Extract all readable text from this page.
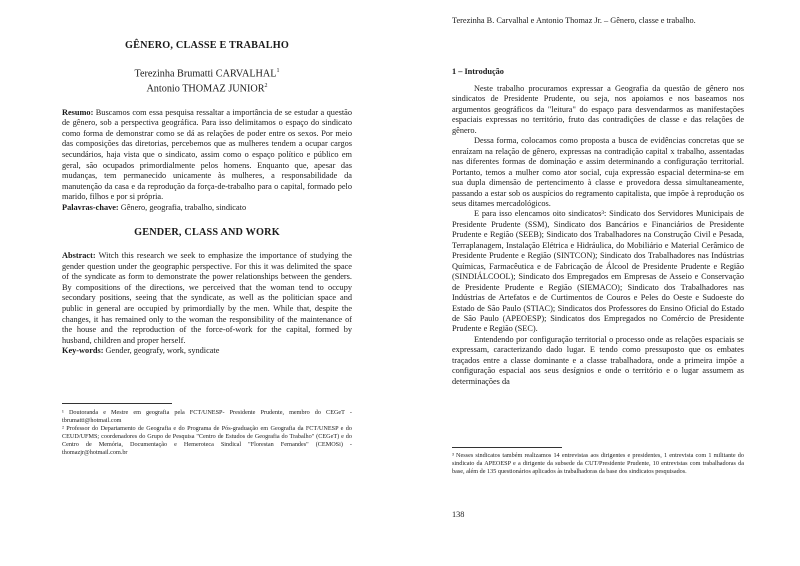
GÊNERO, CLASSE E TRABALHO
Terezinha Brumatti CARVALHAL$^1$
Antonio THOMAZ JUNIOR$^2$
Resumo: Buscamos com essa pesquisa ressaltar a importância de se estudar a questão de gênero, sob a perspectiva geográfica. Para isso delimitamos o espaço do sindicato como forma de demonstrar como se dá as relações de poder entre os sexos. Por meio das composições das diretorias, percebemos que as mulheres tendem a ocupar cargos secundários, haja vista que o sindicato, assim como o espaço político e público em geral, são ocupados primordialmente pelos homens. Enquanto que, apesar das mudanças, tem permanecido unicamente às mulheres, a responsabilidade da manutenção da casa e da reprodução da força-de-trabalho para o capital, formado pelo marido, filhos e por si própria.
Palavras-chave: Gênero, geografia, trabalho, sindicato
GENDER, CLASS AND WORK
Abstract: Witch this research we seek to emphasize the importance of studying the gender question under the geographic perspective. For this it was delimited the space of the syndicate as form to demonstrate the power relationships between the genders. By compositions of the directions, we perceived that the woman tend to occupy secondary positions, seeing that the syndicate, as well as the politician space and public in general are occupied by primordially by the men. While that, despite the changes, it has remained only to the woman the responsibility of the maintenance of the house and the reproduction of the force-of-work for the capital, formed by husband, children and proper herself.
Key-words: Gender, geografy, work, syndicate
¹ Doutoranda e Mestre em geografia pela FCT/UNESP- Presidente Prudente, membro do CEGeT - tbrumatti@hotmail.com
² Professor do Departamento de Geografia e do Programa de Pós-graduação em Geografia da FCT/UNESP e do CEUD/UFMS; coordenadores do Grupo de Pesquisa "Centro de Estudos de Geografia do Trabalho" (CEGeT) e do Centro de Memória, Documentação e Hemeroteca Sindical "Florestan Fernandes" (CEMOSi) - thomazjr@hotmail.com.br
Terezinha B. Carvalhal e Antonio Thomaz Jr. – Gênero, classe e trabalho.
1 – Introdução

Neste trabalho procuramos expressar a Geografia da questão de gênero nos sindicatos de Presidente Prudente, ou seja, nos apoiamos e nos baseamos nos argumentos geográficos da "leitura" do espaço para desvendarmos as manifestações espaciais expressas no território, fruto das contradições de classe e das relações de gênero.

Dessa forma, colocamos como proposta a busca de evidências concretas que se enraízam na relação de gênero, expressas na contradição capital x trabalho, assentadas nas diferentes formas de dominação e assim determinando a configuração territorial. Portanto, temos a mulher como ator social, cuja expressão espacial determina-se em sua dupla dimensão de pertencimento à classe e provedora dessa simultaneamente, passando a estar sob os auspícios do regramento capitalista, que impõe à reprodução os seus ditames mercadológicos.

E para isso elencamos oito sindicatos³: Sindicato dos Servidores Municipais de Presidente Prudente (SSM), Sindicato dos Bancários e Financiários de Presidente Prudente e Região (SEEB); Sindicato dos Trabalhadores na Construção Civil e Pesada, Terraplanagem, Instalação Elétrica e Hidráulica, do Mobiliário e Material Cerâmico de Presidente Prudente e Região (SINTCON); Sindicato dos Trabalhadores nas Indústrias Químicas, Farmacêutica e de Fabricação de Álcool de Presidente Prudente e Região (SINDIÁLCOOL); Sindicato dos Empregados em Empresas de Asseio e Conservação de Presidente Prudente e Região (SIEMACO); Sindicato dos Trabalhadores nas Indústrias de Artefatos e de Curtimentos de Couros e Peles do Oeste e Sudoeste do Estado de São Paulo (STIAC); Sindicatos dos Professores do Ensino Oficial do Estado de São Paulo (APEOESP); Sindicatos dos Empregados no Comércio de Presidente Prudente e Região (SEC).

Entendendo por configuração territorial o processo onde as relações espaciais se expressam, caracterizando dado lugar. E tendo como pressuposto que os embates traçados entre a classe dominante e a classe trabalhadora, onde a primeira impõe a configuração espacial aos seus desígnios e onde o território e o lugar assumem as determinações da

³ Nesses sindicatos também realizamos 14 entrevistas aos dirigentes e presidentes, 1 entrevista com 1 militante do sindicato da APEOESP e a dirigente da subsede da CUT/Presidente Prudente, 10 entrevistas com trabalhadoras da base, além de 135 questionários aplicados às trabalhadoras da base dos sindicatos pesquisados.
138
